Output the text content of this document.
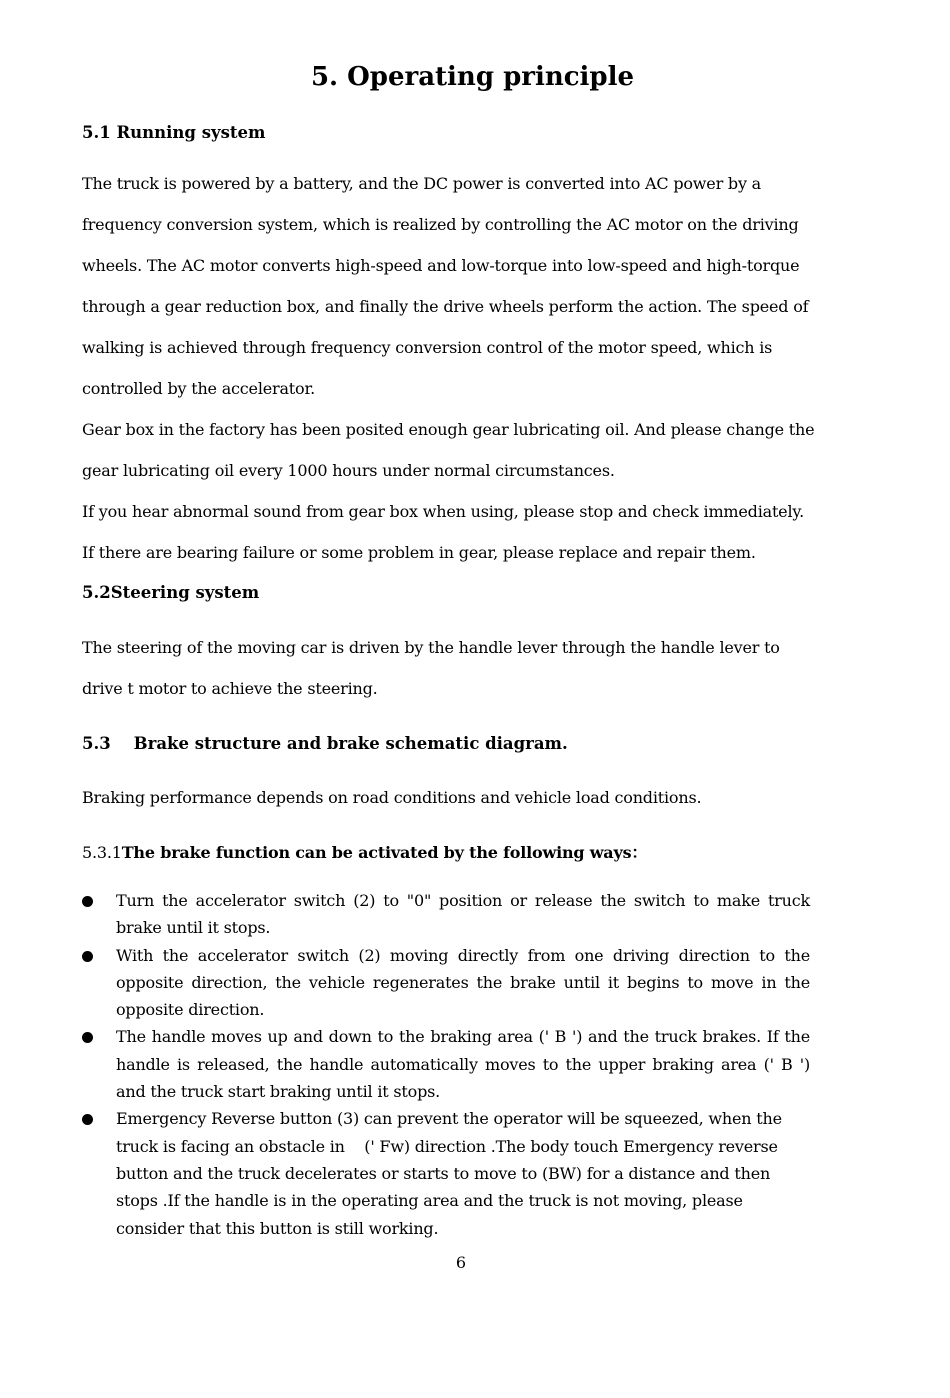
5. Operating principle
5.1 Running system
The truck is powered by a battery, and the DC power is converted into AC power by a frequency conversion system, which is realized by controlling the AC motor on the driving wheels. The AC motor converts high-speed and low-torque into low-speed and high-torque through a gear reduction box, and finally the drive wheels perform the action. The speed of walking is achieved through frequency conversion control of the motor speed, which is controlled by the accelerator.
Gear box in the factory has been posited enough gear lubricating oil. And please change the gear lubricating oil every 1000 hours under normal circumstances.
If you hear abnormal sound from gear box when using, please stop and check immediately. If there are bearing failure or some problem in gear, please replace and repair them.
5.2Steering system
The steering of the moving car is driven by the handle lever through the handle lever to drive t motor to achieve the steering.
5.3    Brake structure and brake schematic diagram.
Braking performance depends on road conditions and vehicle load conditions.
5.3.1The brake function can be activated by the following ways：
Turn the accelerator switch (2) to "0" position or release the switch to make truck brake until it stops.
With the accelerator switch (2) moving directly from one driving direction to the opposite direction, the vehicle regenerates the brake until it begins to move in the opposite direction.
The handle moves up and down to the braking area (' B ') and the truck brakes. If the handle is released, the handle automatically moves to the upper braking area (' B ') and the truck start braking until it stops.
Emergency Reverse button (3) can prevent the operator will be squeezed, when the truck is facing an obstacle in    (' Fw) direction .The body touch Emergency reverse button and the truck decelerates or starts to move to (BW) for a distance and then stops .If the handle is in the operating area and the truck is not moving, please consider that this button is still working.
6
